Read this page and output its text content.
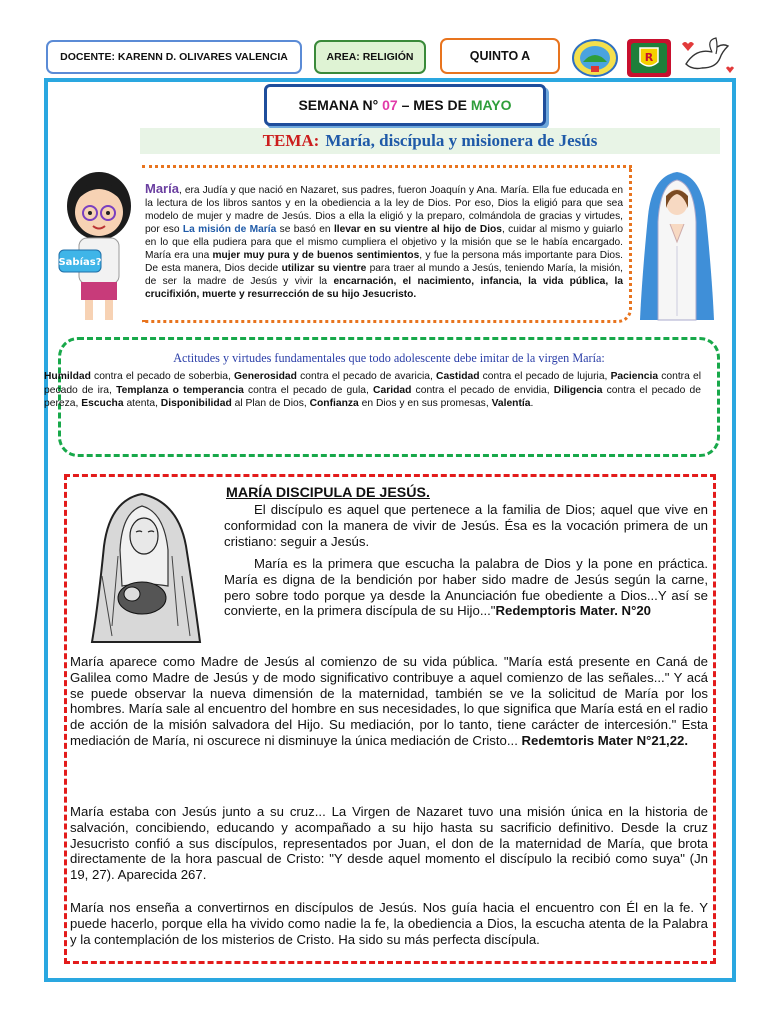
DOCENTE: KARENN D. OLIVARES VALENCIA	AREA: RELIGIÓN	QUINTO A	R
SEMANA N°
07
– MES DE
MAYO
TEMA: María, discípula y misionera de Jesús
Sabías?
María, era Judía y que nació en Nazaret, sus padres, fueron Joaquín y Ana. María. Ella fue educada en la lectura de los libros santos y en la obediencia a la ley de Dios. Por eso, Dios la eligió para que sea modelo de mujer y madre de Jesús. Dios a ella la eligió y la preparo, colmándola de gracias y virtudes, por eso La misión de María se basó en llevar en su vientre al hijo de Dios, cuidar al mismo y guiarlo en lo que ella pudiera para que el mismo cumpliera el objetivo y la misión que se le había encargado. María era una mujer muy pura y de buenos sentimientos, y fue la persona más importante para Dios. De esta manera, Dios decide utilizar su vientre para traer al mundo a Jesús, teniendo María, la misión, de ser la madre de Jesús y vivir la encarnación, el nacimiento, infancia, la vida pública, la crucifixión, muerte y resurrección de su hijo Jesucristo.
Actitudes y virtudes fundamentales que todo adolescente debe imitar de la virgen María:
Humildad contra el pecado de soberbia, Generosidad contra el pecado de avaricia, Castidad contra el pecado de lujuria, Paciencia contra el pecado de ira, Templanza o temperancia contra el pecado de gula, Caridad contra el pecado de envidia, Diligencia contra el pecado de pereza, Escucha atenta, Disponibilidad al Plan de Dios, Confianza en Dios y en sus promesas, Valentía.
MARÍA DISCIPULA DE JESÚS.
El discípulo es aquel que pertenece a la familia de Dios; aquel que vive en conformidad con la manera de vivir de Jesús. Ésa es la vocación primera de un cristiano: seguir a Jesús.
María es la primera que escucha la palabra de Dios y la pone en práctica. María es digna de la bendición por haber sido madre de Jesús según la carne, pero sobre todo porque ya desde la Anunciación fue obediente a Dios...Y así se convierte, en la primera discípula de su Hijo..."Redemptoris Mater. N°20
María aparece como Madre de Jesús al comienzo de su vida pública. "María está presente en Caná de Galilea como Madre de Jesús y de modo significativo contribuye a aquel comienzo de las señales..." Y acá se puede observar la nueva dimensión de la maternidad, también se ve la solicitud de María por los hombres. María sale al encuentro del hombre en sus necesidades, lo que significa que María está en el radio de acción de la misión salvadora del Hijo. Su mediación, por lo tanto, tiene carácter de intercesión." Esta mediación de María, ni oscurece ni disminuye la única mediación de Cristo... Redemtoris Mater N°21,22.
María estaba con Jesús junto a su cruz... La Virgen de Nazaret tuvo una misión única en la historia de salvación, concibiendo, educando y acompañado a su hijo hasta su sacrificio definitivo. Desde la cruz Jesucristo confió a sus discípulos, representados por Juan, el don de la maternidad de María, que brota directamente de la hora pascual de Cristo: "Y desde aquel momento el discípulo la recibió como suya" (Jn 19, 27). Aparecida 267.
María nos enseña a convertirnos en discípulos de Jesús. Nos guía hacia el encuentro con Él en la fe. Y puede hacerlo, porque ella ha vivido como nadie la fe, la obediencia a Dios, la escucha atenta de la Palabra y la contemplación de los misterios de Cristo. Ha sido su más perfecta discípula.
